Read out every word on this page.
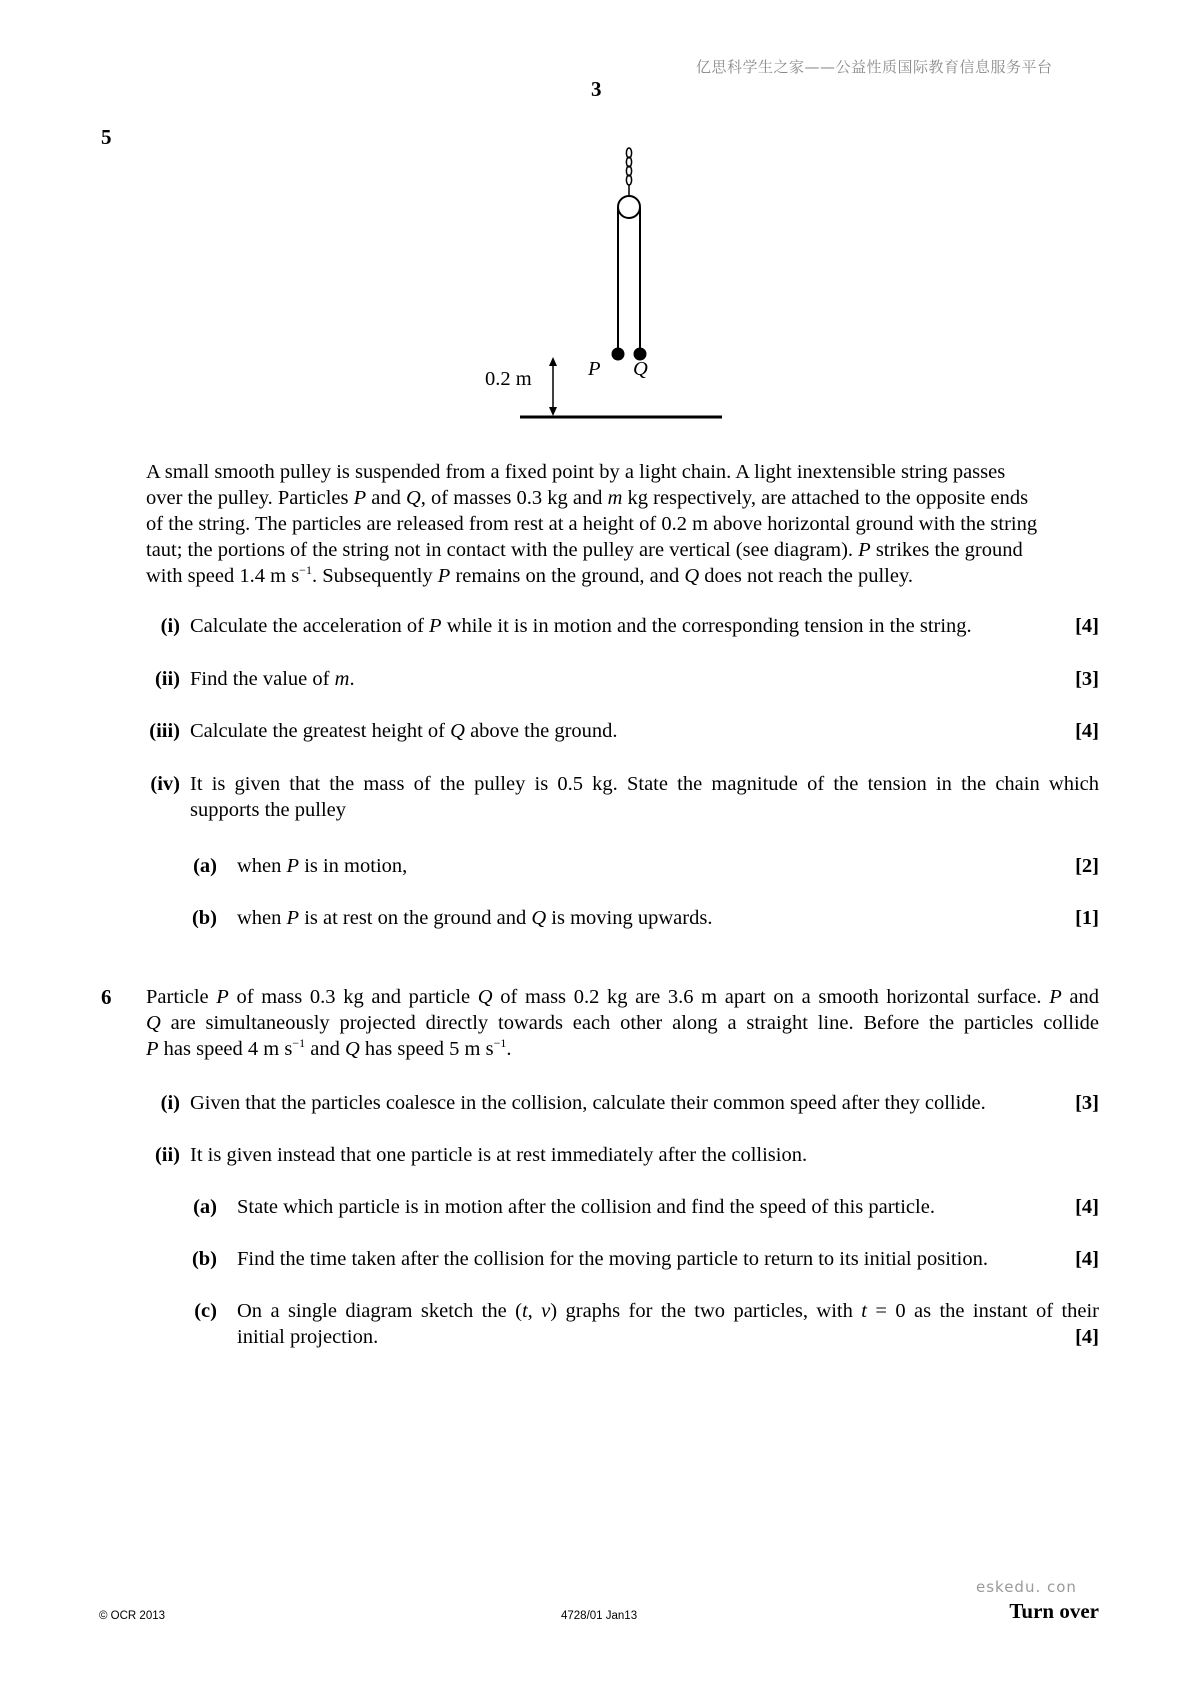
亿思科学生之家——公益性质国际教育信息服务平台
3
5
0.2 m	P Q
A small smooth pulley is suspended from a fixed point by a light chain. A light inextensible string passes
over the pulley. Particles P and Q, of masses 0.3 kg and m kg respectively, are attached to the opposite ends
of the string. The particles are released from rest at a height of 0.2 m above horizontal ground with the string
taut; the portions of the string not in contact with the pulley are vertical (see diagram). P strikes the ground
with speed 1.4 m $s^{-1}$. Subsequently P remains on the ground, and Q does not reach the pulley.
(i) Calculate the acceleration of P while it is in motion and the corresponding tension in the string.	[4]
(ii) Find the value of m.	[3]
(iii) Calculate the greatest height of Q above the ground.	[4]
(iv) It is given that the mass of the pulley is 0.5 kg. State the magnitude of the tension in the chain which
supports the pulley
(a) when P is in motion,	[2]
(b) when P is at rest on the ground and Q is moving upwards.	[1]
6 Particle P of mass 0.3 kg and particle Q of mass 0.2 kg are 3.6 m apart on a smooth horizontal surface. P and
Q are simultaneously projected directly towards each other along a straight line. Before the particles collide
P has speed 4 m $s^{-1}$ and Q has speed 5 m $s^{-1}$.
(i) Given that the particles coalesce in the collision, calculate their common speed after they collide.	[3]
(ii) It is given instead that one particle is at rest immediately after the collision.
(a) State which particle is in motion after the collision and find the speed of this particle.	[4]
(b) Find the time taken after the collision for the moving particle to return to its initial position.	[4]
(c) On a single diagram sketch the (t, v) graphs for the two particles, with t = 0 as the instant of their
initial projection.	[4]
eskedu. con
© OCR 2013	4728/01 Jan13	Turn over
